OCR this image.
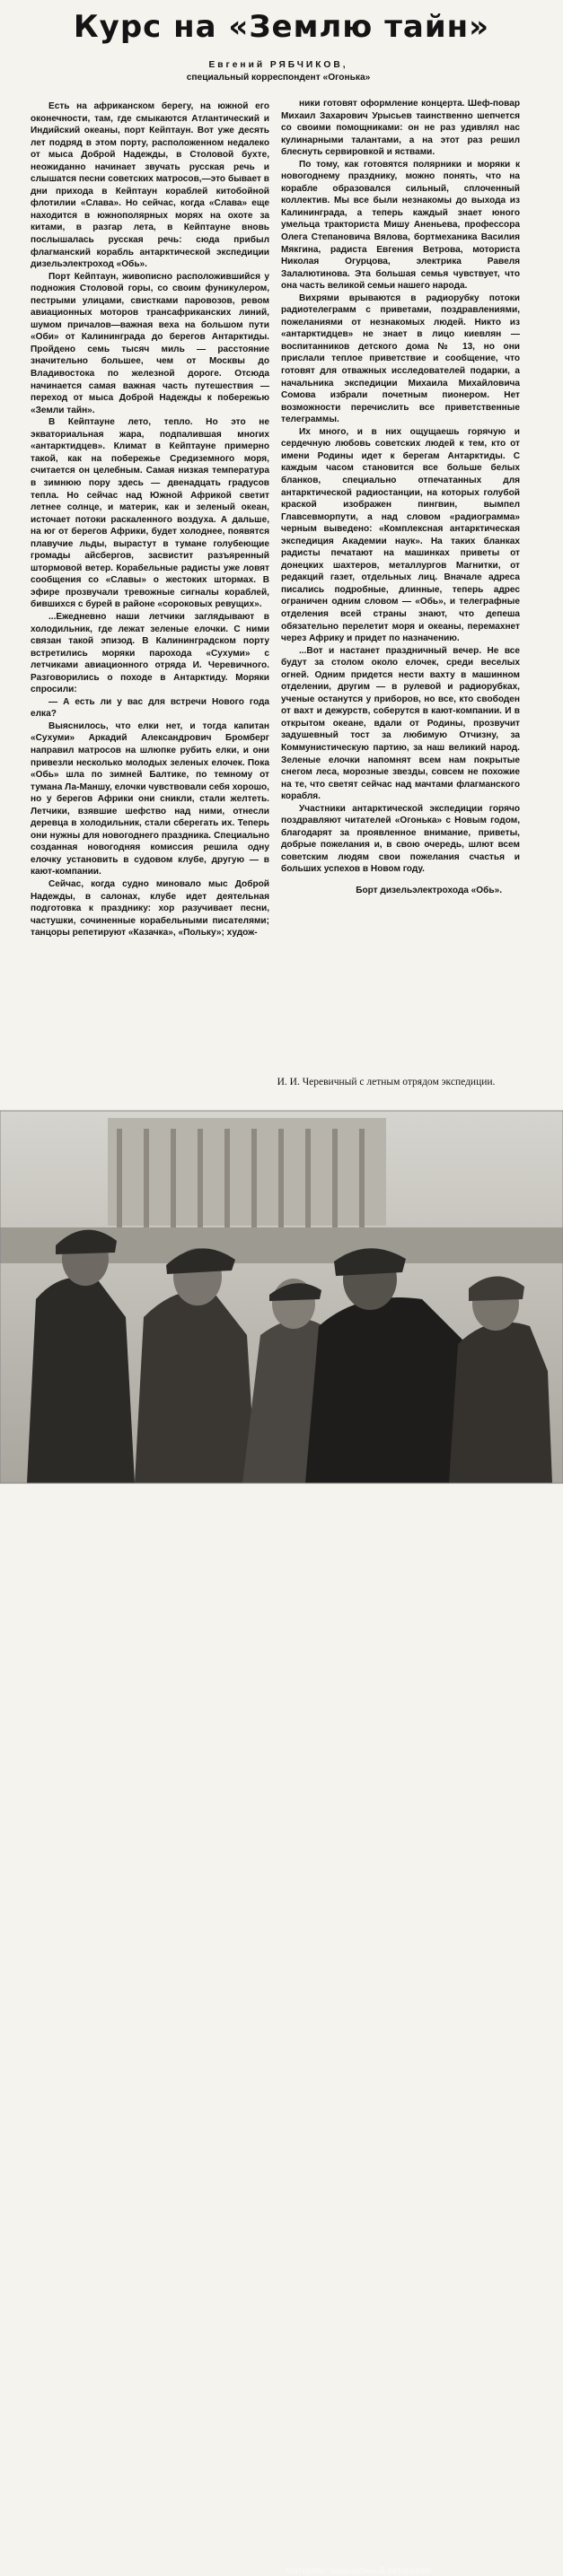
Курс на «Землю тайн»
Евгений РЯБЧИКОВ,
специальный корреспондент «Огонька»

Есть на африканском берегу, на южной его оконечности, там, где смыкаются Атлантический и Индийский океаны, порт Кейптаун. Вот уже десять лет подряд в этом порту, расположенном недалеко от мыса Доброй Надежды, в Столовой бухте, неожиданно начинает звучать русская речь и слышатся песни советских матросов,—это бывает в дни прихода в Кейптаун кораблей китобойной флотилии «Слава». Но сейчас, когда «Слава» еще находится в южнополярных морях на охоте за китами, в разгар лета, в Кейптауне вновь послышалась русская речь: сюда прибыл флагманский корабль антарктической экспедиции дизельэлектроход «Обь».

Порт Кейптаун, живописно расположившийся у подножия Столовой горы, со своим фуникулером, пестрыми улицами, свистками паровозов, ревом авиационных моторов трансафриканских линий, шумом причалов—важная веха на большом пути «Оби» от Калининграда до берегов Антарктиды. Пройдено семь тысяч миль — расстояние значительно большее, чем от Москвы до Владивостока по железной дороге. Отсюда начинается самая важная часть путешествия — переход от мыса Доброй Надежды к побережью «Земли тайн».

В Кейптауне лето, тепло. Но это не экваториальная жара, подпалившая многих «антарктидцев». Климат в Кейптауне примерно такой, как на побережье Средиземного моря, считается он целебным. Самая низкая температура в зимнюю пору здесь — двенадцать градусов тепла. Но сейчас над Южной Африкой светит летнее солнце, и материк, как и зеленый океан, источает потоки раскаленного воздуха. А дальше, на юг от берегов Африки, будет холоднее, появятся плавучие льды, вырастут в тумане голубеющие громады айсбергов, засвистит разъяренный штормовой ветер. Корабельные радисты уже ловят сообщения со «Славы» о жестоких штормах. В эфире прозвучали тревожные сигналы кораблей, бившихся с бурей в районе «сороковых ревущих».

...Ежедневно наши летчики заглядывают в холодильник, где лежат зеленые елочки. С ними связан такой эпизод. В Калининградском порту встретились моряки парохода «Сухуми» с летчиками авиационного отряда И. Черевичного. Разговорились о походе в Антарктиду. Моряки спросили:

— А есть ли у вас для встречи Нового года елка?

Выяснилось, что елки нет, и тогда капитан «Сухуми» Аркадий Александрович Бромберг направил матросов на шлюпке рубить елки, и они привезли несколько молодых зеленых елочек. Пока «Обь» шла по зимней Балтике, по темному от тумана Ла-Маншу, елочки чувствовали себя хорошо, но у берегов Африки они сникли, стали желтеть. Летчики, взявшие шефство над ними, отнесли деревца в холодильник, стали сберегать их. Теперь они нужны для новогоднего праздника. Специально созданная новогодняя комиссия решила одну елочку установить в судовом клубе, другую — в кают-компании.

Сейчас, когда судно миновало мыс Доброй Надежды, в салонах, клубе идет деятельная подготовка к празднику: хор разучивает песни, частушки, сочиненные корабельными писателями; танцоры репетируют «Казачка», «Польку»; худож-

ники готовят оформление концерта. Шеф-повар Михаил Захарович Урысьев таинственно шепчется со своими помощниками: он не раз удивлял нас кулинарными талантами, а на этот раз решил блеснуть сервировкой и яствами.

По тому, как готовятся полярники и моряки к новогоднему празднику, можно понять, что на корабле образовался сильный, сплоченный коллектив. Мы все были незнакомы до выхода из Калининграда, а теперь каждый знает юного умельца тракториста Мишу Аненьева, профессора Олега Степановича Вялова, бортмеханика Василия Мякгина, радиста Евгения Ветрова, моториста Николая Огурцова, электрика Равеля Залалютинова. Эта большая семья чувствует, что она часть великой семьи нашего народа.

Вихрями врываются в радиорубку потоки радиотелеграмм с приветами, поздравлениями, пожеланиями от незнакомых людей. Никто из «антарктидцев» не знает в лицо киевлян — воспитанников детского дома № 13, но они прислали теплое приветствие и сообщение, что готовят для отважных исследователей подарки, а начальника экспедиции Михаила Михайловича Сомова избрали почетным пионером. Нет возможности перечислить все приветственные телеграммы.

Их много, и в них ощущаешь горячую и сердечную любовь советских людей к тем, кто от имени Родины идет к берегам Антарктиды. С каждым часом становится все больше белых бланков, специально отпечатанных для антарктической радиостанции, на которых голубой краской изображен пингвин, вымпел Главсевморпути, а над словом «радиограмма» черным выведено: «Комплексная антарктическая экспедиция Академии наук». На таких бланках радисты печатают на машинках приветы от донецких шахтеров, металлургов Магнитки, от редакций газет, отдельных лиц. Вначале адреса писались подробные, длинные, теперь адрес ограничен одним словом — «Обь», и телеграфные отделения всей страны знают, что депеша обязательно перелетит моря и океаны, перемахнет через Африку и придет по назначению.

...Вот и настанет праздничный вечер. Не все будут за столом около елочек, среди веселых огней. Одним придется нести вахту в машинном отделении, другим — в рулевой и радиорубках, ученые останутся у приборов, но все, кто свободен от вахт и дежурств, соберутся в кают-компании. И в открытом океане, вдали от Родины, прозвучит задушевный тост за любимую Отчизну, за Коммунистическую партию, за наш великий народ. Зеленые елочки напомнят всем нам покрытые снегом леса, морозные звезды, совсем не похожие на те, что светят сейчас над мачтами флагманского корабля.

Участники антарктической экспедиции горячо поздравляют читателей «Огонька» с Новым годом, благодарят за проявленное внимание, приветы, добрые пожелания и, в свою очередь, шлют всем советским людям свои пожелания счастья и больших успехов в Новом году.

Борт дизельэлектрохода «Обь».

И. И. Черевичный с летным отрядом экспедиции.
Материал защищенный авторским
